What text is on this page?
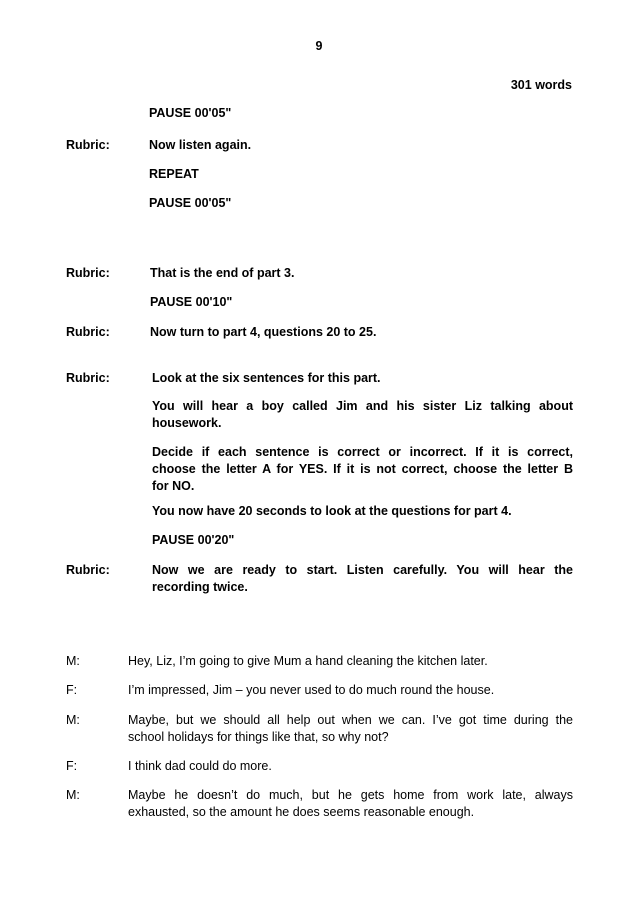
9
301 words
PAUSE 00'05"
Rubric:	Now listen again.
REPEAT
PAUSE 00'05"
Rubric:	That is the end of part 3.
PAUSE 00'10"
Rubric:	Now turn to part 4, questions 20 to 25.
Rubric:	Look at the six sentences for this part.
You will hear a boy called Jim and his sister Liz talking about
housework.
Decide if each sentence is correct or incorrect. If it is correct,
choose the letter A for YES. If it is not correct, choose the letter B
for NO.
You now have 20 seconds to look at the questions for part 4.
PAUSE 00'20"
Rubric:	Now we are ready to start. Listen carefully. You will hear the
recording twice.
M:	Hey, Liz, I’m going to give Mum a hand cleaning the kitchen later.
F:	I’m impressed, Jim – you never used to do much round the house.
M:	Maybe, but we should all help out when we can. I’ve got time during the
school holidays for things like that, so why not?
F:	I think dad could do more.
M:	Maybe he doesn’t do much, but he gets home from work late, always
exhausted, so the amount he does seems reasonable enough.
